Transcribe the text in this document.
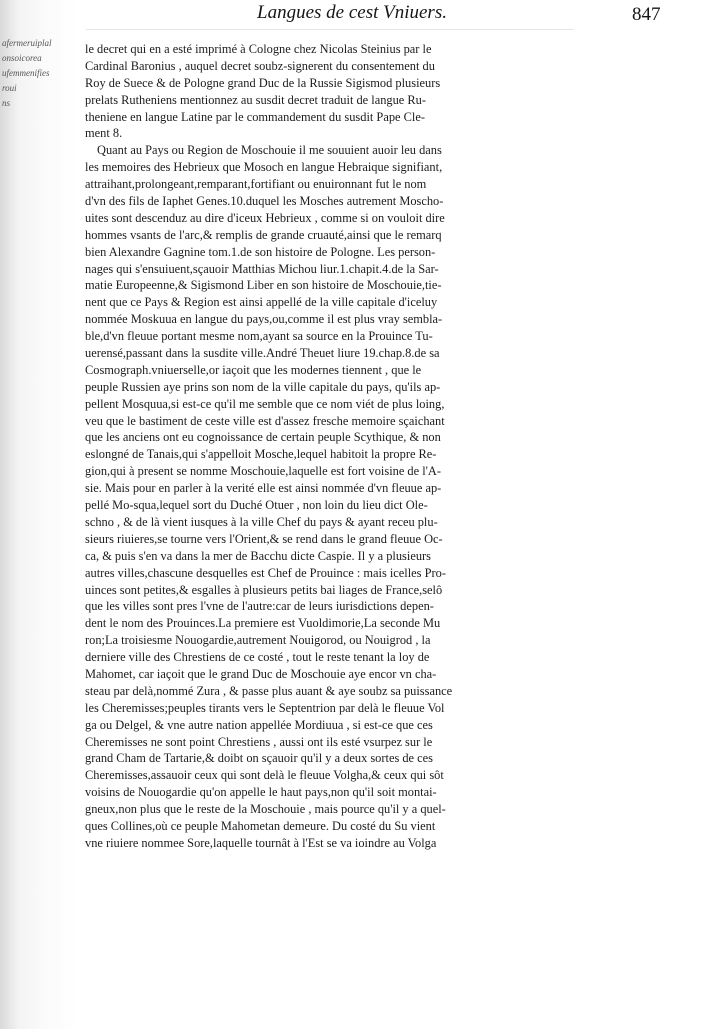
afermeruiplal
onsoicorea
ufemmenifies
roui
ns
Langues de cest Vniuers.	847
le decret qui en a esté imprimé à Cologne chez Nicolas Steinius par le
Cardinal Baronius , auquel decret soubz-signerent du consentement du
Roy de Suece & de Pologne grand Duc de la Russie Sigismod plusieurs
prelats Rutheniens mentionnez au susdit decret traduit de langue Ru-
theniene en langue Latine par le commandement du susdit Pape Cle-
ment 8.
Quant au Pays ou Region de Moschouie il me souuient auoir leu dans
les memoires des Hebrieux que Mosoch en langue Hebraique signifiant,
attraihant,prolongeant,remparant,fortifiant ou enuironnant fut le nom
d'vn des fils de Iaphet Genes.10.duquel les Mosches autrement Moscho-
uites sont descenduz au dire d'iceux Hebrieux , comme si on vouloit dire
hommes vsants de l'arc,& remplis de grande cruauté,ainsi que le remarq
bien Alexandre Gagnine tom.1.de son histoire de Pologne. Les person-
nages qui s'ensuiuent,sçauoir Matthias Michou liur.1.chapit.4.de la Sar-
matie Europeenne,& Sigismond Liber en son histoire de Moschouie,tie-
nent que ce Pays & Region est ainsi appellé de la ville capitale d'iceluy
nommée Moskuua en langue du pays,ou,comme il est plus vray sembla-
ble,d'vn fleuue portant mesme nom,ayant sa source en la Prouince Tu-
uerensé,passant dans la susdite ville.André Theuet liure 19.chap.8.de sa
Cosmograph.vniuerselle,or iaçoit que les modernes tiennent , que le
peuple Russien aye prins son nom de la ville capitale du pays, qu'ils ap-
pellent Mosquua,si est-ce qu'il me semble que ce nom viét de plus loing,
veu que le bastiment de ceste ville est d'assez fresche memoire sçaichant
que les anciens ont eu cognoissance de certain peuple Scythique, & non
eslongné de Tanais,qui s'appelloit Mosche,lequel habitoit la propre Re-
gion,qui à present se nomme Moschouie,laquelle est fort voisine de l'A-
sie. Mais pour en parler à la verité elle est ainsi nommée d'vn fleuue ap-
pellé Mo-squa,lequel sort du Duché Otuer , non loin du lieu dict Ole-
schno , & de là vient iusques à la ville Chef du pays & ayant receu plu-
sieurs riuieres,se tourne vers l'Orient,& se rend dans le grand fleuue Oc-
ca, & puis s'en va dans la mer de Bacchu dicte Caspie. Il y a plusieurs
autres villes,chascune desquelles est Chef de Prouince : mais icelles Pro-
uinces sont petites,& esgalles à plusieurs petits bai liages de France,selô
que les villes sont pres l'vne de l'autre:car de leurs iurisdictions depen-
dent le nom des Prouinces.La premiere est Vuoldimorie,La seconde Mu
ron;La troisiesme Nouogardie,autrement Nouigorod, ou Nouigrod , la
derniere ville des Chrestiens de ce costé , tout le reste tenant la loy de
Mahomet, car iaçoit que le grand Duc de Moschouie aye encor vn cha-
steau par delà,nommé Zura , & passe plus auant & aye soubz sa puissance
les Cheremisses;peuples tirants vers le Septentrion par delà le fleuue Vol
ga ou Delgel, & vne autre nation appellée Mordiuua , si est-ce que ces
Cheremisses ne sont point Chrestiens , aussi ont ils esté vsurpez sur le
grand Cham de Tartarie,& doibt on sçauoir qu'il y a deux sortes de ces
Cheremisses,assauoir ceux qui sont delà le fleuue Volgha,& ceux qui sôt
voisins de Nouogardie qu'on appelle le haut pays,non qu'il soit montai-
gneux,non plus que le reste de la Moschouie , mais pource qu'il y a quel-
ques Collines,où ce peuple Mahometan demeure. Du costé du Su vient
vne riuiere nommee Sore,laquelle tournât à l'Est se va ioindre au Volga
